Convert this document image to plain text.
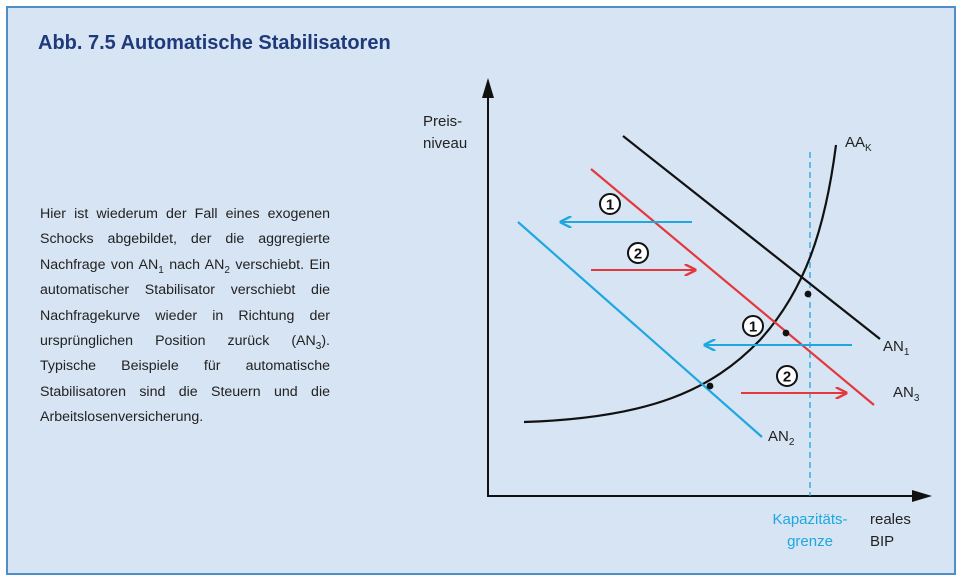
Abb. 7.5 Automatische Stabilisatoren
Hier ist wiederum der Fall eines exogenen Schocks abgebildet, der die aggregierte Nachfrage von $AN_1$ nach $AN_2$ verschiebt. Ein automatischer Stabilisator verschiebt die Nachfragekurve wieder in Richtung der ursprünglichen Position zurück $(AN_3)$. Typische Beispiele für automatische Stabilisatoren sind die Steuern und die Arbeitslosenversicherung.
1
2
1
2
Preis-
niveau
reales
BIP
Kapazitäts-
grenze
$AA_K$
$AN_1$
$AN_3$
$AN_2$
